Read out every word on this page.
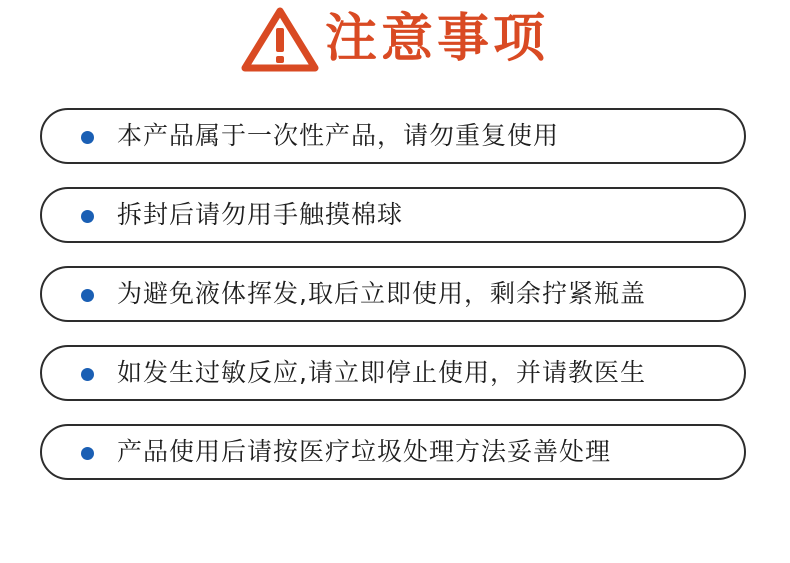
注意事项
本产品属于一次性产品，请勿重复使用
拆封后请勿用手触摸棉球
为避免液体挥发,取后立即使用，剩余拧紧瓶盖
如发生过敏反应,请立即停止使用，并请教医生
产品使用后请按医疗垃圾处理方法妥善处理
